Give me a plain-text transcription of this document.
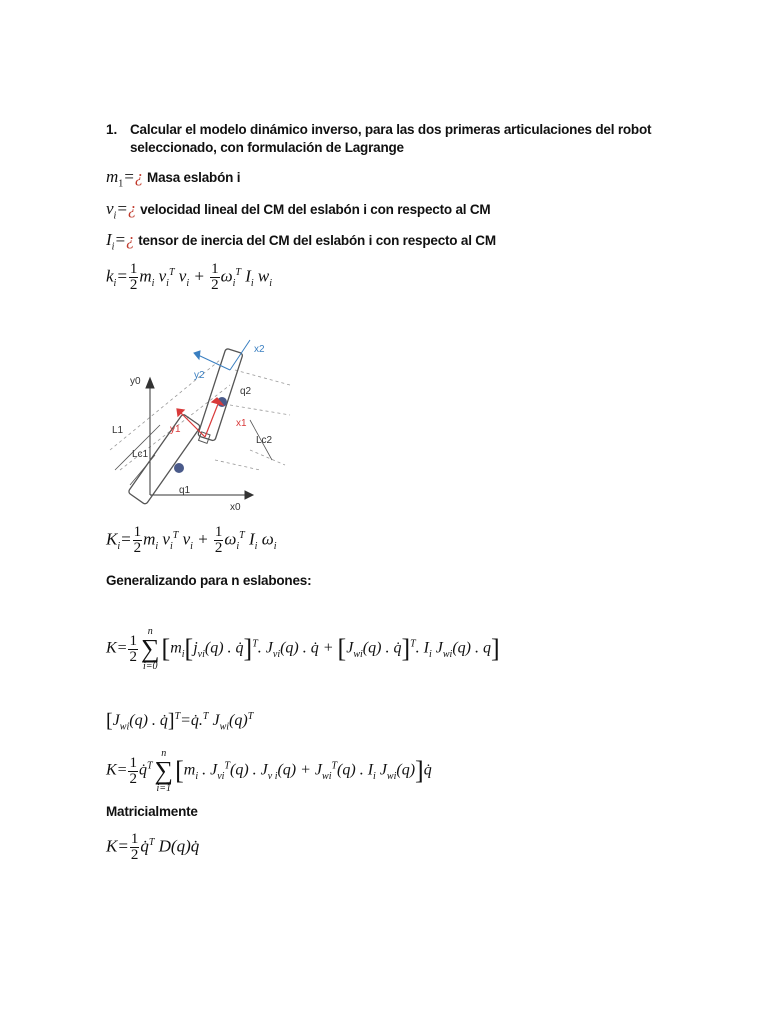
1. Calcular el modelo dinámico inverso, para las dos primeras articulaciones del robot
seleccionado, con formulación de Lagrange
$m_1=¿$ Masa eslabón i
$v_i=¿$ velocidad lineal del CM del eslabón i con respecto al CM
$I_i=¿$ tensor de inercia del CM del eslabón i con respecto al CM
$k_i= \frac{1}{2} m_i$ $v_i^T$ $v_i + \frac{1}{2} \omega_i^T$ $I_i$ $w_i$
x2
y2
y0
q2
x1
y1
L1
Lc2
Lc1
q1
x0
$K_i= \frac{1}{2} m_i$ $v_i^T$ $v_i + \frac{1}{2} \omega_i^T$ $I_i$ $\omega_i$
Generalizando para n eslabones:
$K= \frac{1}{2}$
n
∑
i=0
[$m_i[j_{vi}(q)$ . q̇]$^T$. $J_{vi}(q)$ . q̇ + [$J_{wi}(q)$ . q̇]$^T$. $I_i$ $J_{wi}(q)$ . q]
[$J_{wi}(q)$ . q̇]$^T$=q̇.$^T$ $J_{wi}(q)^T$
$K= \frac{1}{2}$ q̇$^T$
n
∑
i=1
[$m_i$ . $J_{vi}^T(q)$ . $J_{v i}(q) + J_{wi}^T(q)$ . $I_i$ $J_{wi}(q)]q̇$
Matricialmente
$K= \frac{1}{2}$ q̇$^T$ D(q)q̇
